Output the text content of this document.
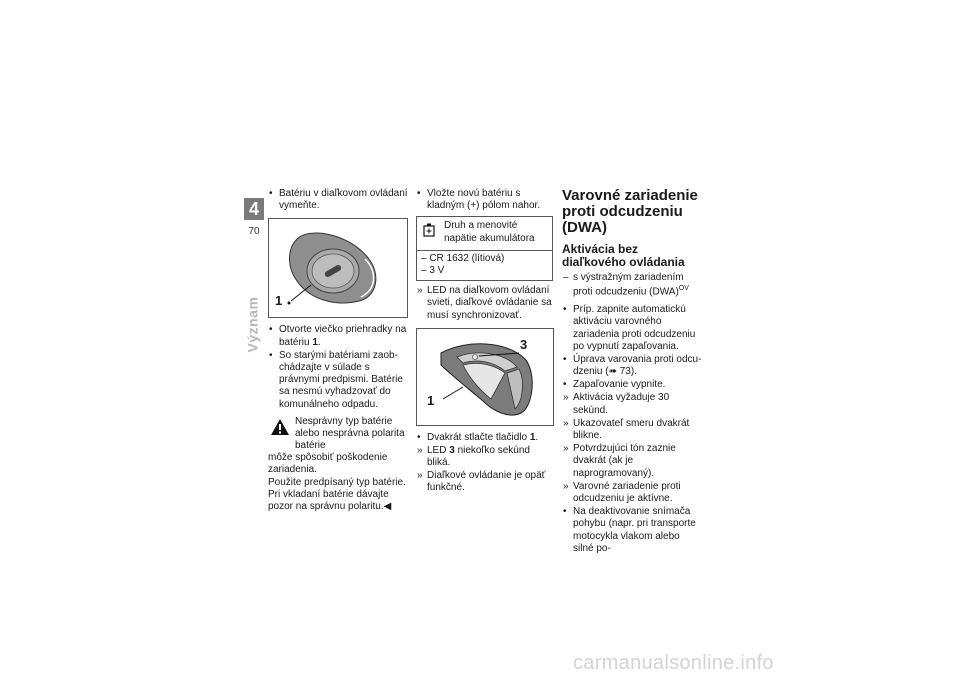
4
70
Význam
• Batériu v diaľkovom ovládaní vymeňte.
1
• Otvorte viečko priehradky na batériu 1.
• So starými batériami zaobchádzajte v súlade s právnymi predpismi. Batérie sa nesmú vyhadzovať do komunálneho odpadu.
Nesprávny typ batérie alebo nesprávna polarita batérie

môže spôsobiť poškodenie zariadenia.

Použite predpísaný typ batérie. Pri vkladaní batérie dávajte pozor na správnu polaritu.◀

• Vložte novú batériu s kladným (+) pólom nahor.
Druh a menovité napätie akumulátora
– CR 1632 (lítiová)
– 3 V
» LED na diaľkovom ovládaní svieti, diaľkové ovládanie sa musí synchronizovať.
1
3
• Dvakrát stlačte tlačidlo 1.
» LED 3 niekoľko sekúnd bliká.
» Diaľkové ovládanie je opäť funkčné.
Varovné zariadenie proti odcudzeniu (DWA)
Aktivácia bez diaľkového ovládania
– s výstražným zariadením proti odcudzeniu (DWA)$^{OV}$
• Príp. zapnite automatickú aktiváciu varovného zariadenia proti odcudzeniu po vypnutí zapaľovania.
• Úprava varovania proti odcudzeniu (➠ 73).
• Zapaľovanie vypnite.
» Aktivácia vyžaduje 30 sekúnd.
» Ukazovateľ smeru dvakrát blikne.
» Potvrdzujúci tón zaznie dvakrát (ak je naprogramovaný).
» Varovné zariadenie proti odcudzeniu je aktívne.
• Na deaktivovanie snímača pohybu (napr. pri transporte motocykla vlakom alebo silné po-
carmanualsonline.info
